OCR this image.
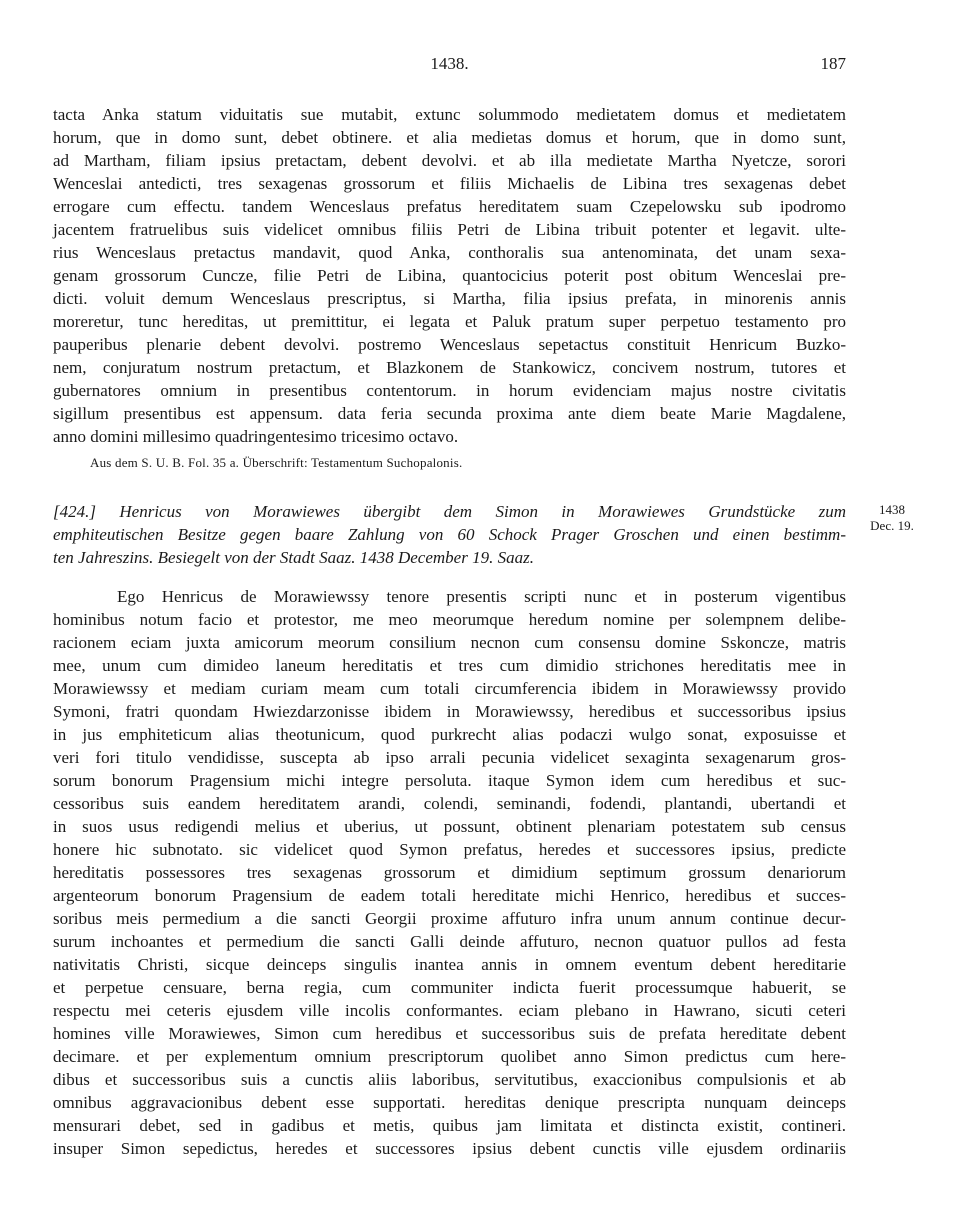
1438.	187
tacta Anka statum viduitatis sue mutabit, extunc solummodo medietatem domus et medietatem
horum, que in domo sunt, debet obtinere. et alia medietas domus et horum, que in domo sunt,
ad Martham, filiam ipsius pretactam, debent devolvi. et ab illa medietate Martha Nyetcze, sorori
Wenceslai antedicti, tres sexagenas grossorum et filiis Michaelis de Libina tres sexagenas debet
errogare cum effectu. tandem Wenceslaus prefatus hereditatem suam Czepelowsku sub ipodromo
jacentem fratruelibus suis videlicet omnibus filiis Petri de Libina tribuit potenter et legavit. ulte-
rius Wenceslaus pretactus mandavit, quod Anka, conthoralis sua antenominata, det unam sexa-
genam grossorum Cuncze, filie Petri de Libina, quantocicius poterit post obitum Wenceslai pre-
dicti. voluit demum Wenceslaus prescriptus, si Martha, filia ipsius prefata, in minorenis annis
moreretur, tunc hereditas, ut premittitur, ei legata et Paluk pratum super perpetuo testamento pro
pauperibus plenarie debent devolvi. postremo Wenceslaus sepetactus constituit Henricum Buzko-
nem, conjuratum nostrum pretactum, et Blazkonem de Stankowicz, concivem nostrum, tutores et
gubernatores omnium in presentibus contentorum. in horum evidenciam majus nostre civitatis
sigillum presentibus est appensum. data feria secunda proxima ante diem beate Marie Magdalene,
anno domini millesimo quadringentesimo tricesimo octavo.
Aus dem S. U. B. Fol. 35 a. Überschrift: Testamentum Suchopalonis.
[424.] Henricus von Morawiewes übergibt dem Simon in Morawiewes Grundstücke zum
emphiteutischen Besitze gegen baare Zahlung von 60 Schock Prager Groschen und einen bestimm-
ten Jahreszins. Besiegelt von der Stadt Saaz. 1438 December 19. Saaz.
1438
Dec. 19.
Ego Henricus de Morawiewssy tenore presentis scripti nunc et in posterum vigentibus
hominibus notum facio et protestor, me meo meorumque heredum nomine per solempnem delibe-
racionem eciam juxta amicorum meorum consilium necnon cum consensu domine Sskoncze, matris
mee, unum cum dimideo laneum hereditatis et tres cum dimidio strichones hereditatis mee in
Morawiewssy et mediam curiam meam cum totali circumferencia ibidem in Morawiewssy provido
Symoni, fratri quondam Hwiezdarzonisse ibidem in Morawiewssy, heredibus et successoribus ipsius
in jus emphiteticum alias theotunicum, quod purkrecht alias podaczi wulgo sonat, exposuisse et
veri fori titulo vendidisse, suscepta ab ipso arrali pecunia videlicet sexaginta sexagenarum gros-
sorum bonorum Pragensium michi integre persoluta. itaque Symon idem cum heredibus et suc-
cessoribus suis eandem hereditatem arandi, colendi, seminandi, fodendi, plantandi, ubertandi et
in suos usus redigendi melius et uberius, ut possunt, obtinent plenariam potestatem sub census
honere hic subnotato. sic videlicet quod Symon prefatus, heredes et successores ipsius, predicte
hereditatis possessores tres sexagenas grossorum et dimidium septimum grossum denariorum
argenteorum bonorum Pragensium de eadem totali hereditate michi Henrico, heredibus et succes-
soribus meis permedium a die sancti Georgii proxime affuturo infra unum annum continue decur-
surum inchoantes et permedium die sancti Galli deinde affuturo, necnon quatuor pullos ad festa
nativitatis Christi, sicque deinceps singulis inantea annis in omnem eventum debent hereditarie
et perpetue censuare, berna regia, cum communiter indicta fuerit processumque habuerit, se
respectu mei ceteris ejusdem ville incolis conformantes. eciam plebano in Hawrano, sicuti ceteri
homines ville Morawiewes, Simon cum heredibus et successoribus suis de prefata hereditate debent
decimare. et per explementum omnium prescriptorum quolibet anno Simon predictus cum here-
dibus et successoribus suis a cunctis aliis laboribus, servitutibus, exaccionibus compulsionis et ab
omnibus aggravacionibus debent esse supportati. hereditas denique prescripta nunquam deinceps
mensurari debet, sed in gadibus et metis, quibus jam limitata et distincta existit, contineri.
insuper Simon sepedictus, heredes et successores ipsius debent cunctis ville ejusdem ordinariis
